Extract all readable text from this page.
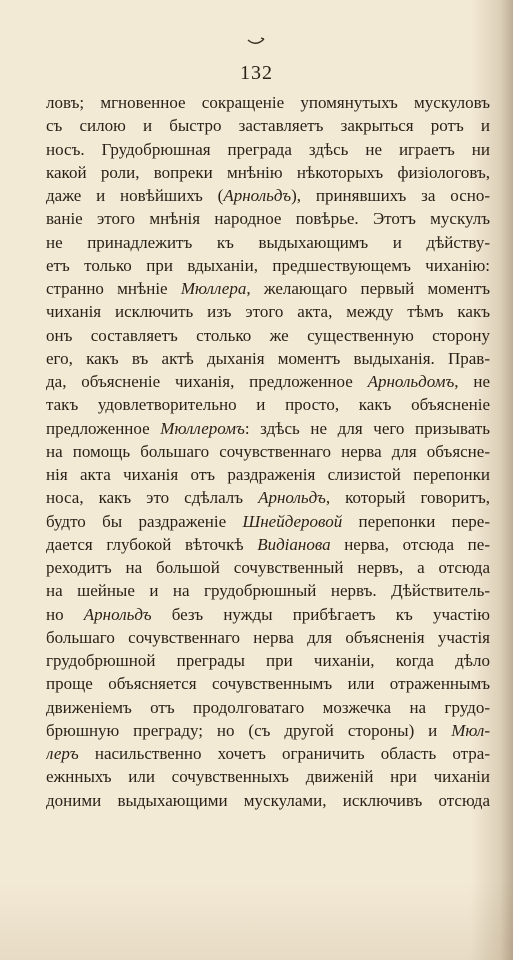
132
ловъ; мгновенное сокращеніе упомянутыхъ мускуловъ
съ силою и быстро заставляетъ закрыться ротъ и
носъ. Грудобрюшная преграда здѣсь не играетъ ни
какой роли, вопреки мнѣнію нѣкоторыхъ физіологовъ,
даже и новѣйшихъ (Арнольдъ), принявшихъ за осно-
ваніе этого мнѣнія народное повѣрье. Этотъ мускулъ
не принадлежитъ къ выдыхающимъ и дѣйству-
етъ только при вдыханіи, предшествующемъ чиханію:
странно мнѣніе Мюллера, желающаго первый моментъ
чиханія исключить изъ этого акта, между тѣмъ какъ
онъ составляетъ столько же существенную сторону
его, какъ въ актѣ дыханія моментъ выдыханія. Прав-
да, объясненіе чиханія, предложенное Арнольдомъ, не
такъ удовлетворительно и просто, какъ объясненіе
предложенное Мюллеромъ: здѣсь не для чего призывать
на помощь большаго сочувственнаго нерва для объясне-
нія акта чиханія отъ раздраженія слизистой перепонки
носа, какъ это сдѣлалъ Арнольдъ, который говоритъ,
будто бы раздраженіе Шнейдеровой перепонки пере-
дается глубокой вѣточкѣ Видіанова нерва, отсюда пе-
реходитъ на большой сочувственный нервъ, а отсюда
на шейные и на грудобрюшный нервъ. Дѣйствитель-
но Арнольдъ безъ нужды прибѣгаетъ къ участію
большаго сочувственнаго нерва для объясненія участія
грудобрюшной преграды при чиханіи, когда дѣло
проще объясняется сочувственнымъ или отраженнымъ
движеніемъ отъ продолговатаго мозжечка на грудо-
брюшную преграду; но (съ другой стороны) и Мюл-
леръ насильственно хочетъ ограничить область отра-
ежнныхъ или сочувственныхъ движеній нри чиханіи
доними выдыхающими мускулами, исключивъ отсюда
